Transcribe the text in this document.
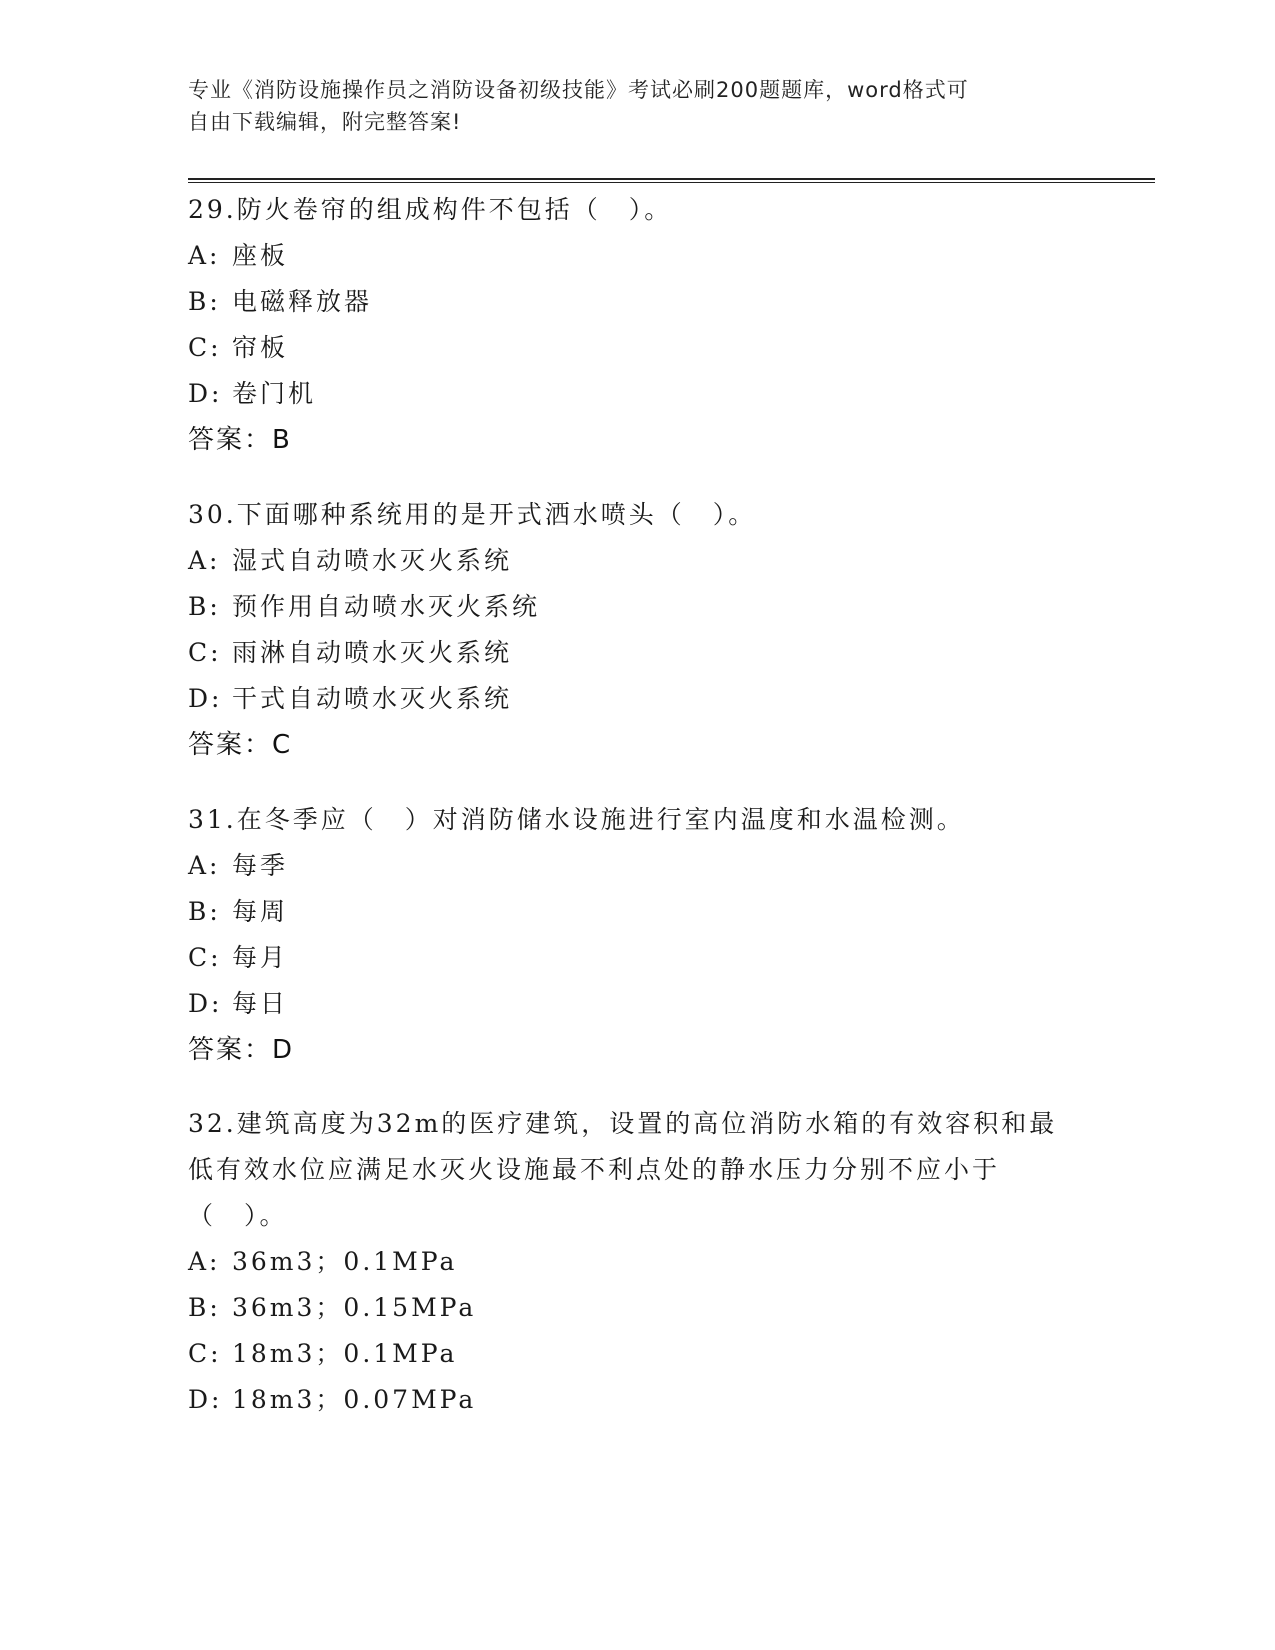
专业《消防设施操作员之消防设备初级技能》考试必刷200题题库，word格式可
自由下载编辑，附完整答案!
29.防火卷帘的组成构件不包括（　）。
A: 座板
B: 电磁释放器
C: 帘板
D: 卷门机
答案：B
30.下面哪种系统用的是开式洒水喷头（　）。
A: 湿式自动喷水灭火系统
B: 预作用自动喷水灭火系统
C: 雨淋自动喷水灭火系统
D: 干式自动喷水灭火系统
答案：C
31.在冬季应（　）对消防储水设施进行室内温度和水温检测。
A: 每季
B: 每周
C: 每月
D: 每日
答案：D
32.建筑高度为32m的医疗建筑，设置的高位消防水箱的有效容积和最低有效水位应满足水灭火设施最不利点处的静水压力分别不应小于（　）。
A: 36m3；0.1MPa
B: 36m3；0.15MPa
C: 18m3；0.1MPa
D: 18m3；0.07MPa
